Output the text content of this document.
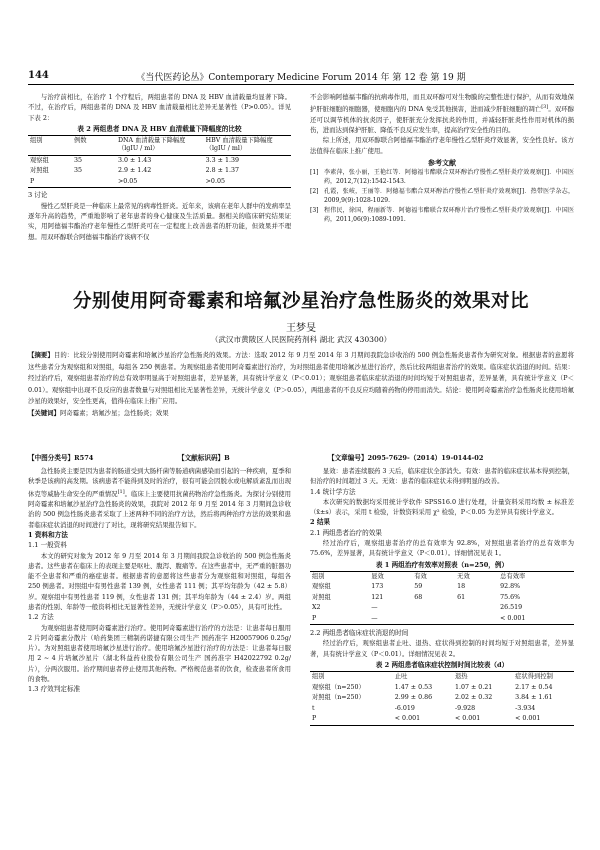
144	《当代医药论丛》Contemporary Medicine Forum 2014 年 第 12 卷 第 19 期

与治疗前相比，在治疗 1 个疗程后，两组患者的 DNA 及 HBV 血清载量均显著下降。不过，在治疗后，两组患者的 DNA 及 HBV 血清载量相比差异无显著性（P>0.05）。详见下表 2：

表 2 两组患者 DNA 及 HBV 血清载量下降幅度的比较
组别	例数	DNA 血清载量下降幅度（lgIU / ml）	HBV 血清载量下降幅度（lgIU / ml）
观察组	35	3.0 ± 1.43	3.3 ± 1.39
对照组	35	2.9 ± 1.42	2.8 ± 1.37
P		>0.05	>0.05
3 讨论

慢性乙型肝炎是一种临床上最常见的病毒性肝炎。近年来，该病在老年人群中的发病率呈逐年升高的趋势，严重地影响了老年患者的身心健康及生活质量。据相关的临床研究结果证实，用阿德福韦酯治疗老年慢性乙型肝炎可在一定程度上改善患者的肝功能，但效果并不理想。用双环醇联合阿德福韦酯治疗该病不仅

不会影响阿德福韦酯的抗病毒作用，而且双环醇可对生物膜的完整性进行保护，从而有效地保护肝脏细胞的细胞器，使细胞内的 DNA 免受其他损害，进而减少肝脏细胞的凋亡[3]。双环醇还可以调节机体的抗炎因子，使肝脏充分发挥抗炎的作用，并减轻肝脏炎性作用对机体的损伤，进而达到保护肝脏、降低不良反应发生率，提高治疗安全性的目的。

综上所述，用双环醇联合阿德福韦酯治疗老年慢性乙型肝炎疗效显著，安全性良好。该方法值得在临床上推广使用。

参考文献
[1] 李素萍，张小丽，王艳红等．阿德福韦酯联合双环醇治疗慢性乙型肝炎疗效观察[J]．中国医药，2012,7(12):1542-1543.
[2] 孔霞，张岐，王丽等．阿德福韦酯合双环醇治疗慢性乙型肝炎疗效观察[J]．热带医学杂志，2009,9(9):1028-1029.
[3] 程伟民，徐国，程丽新等．阿德福韦酯联合双环醇片治疗慢性乙型肝炎疗效观察[J]．中国医药，2011,06(9):1089-1091.
分别使用阿奇霉素和培氟沙星治疗急性肠炎的效果对比
王梦旻
（武汉市黄陂区人民医院药剂科 湖北 武汉 430300）

【摘要】目的：比较分别使用阿奇霉素和培氟沙星治疗急性肠炎的效果。方法：选取 2012 年 9 月至 2014 年 3 月期间我院急诊收治的 500 例急性肠炎患者作为研究对象。根据患者的意愿将这些患者分为观察组和对照组，每组各 250 例患者。为观察组患者使用阿奇霉素进行治疗，为对照组患者使用培氟沙星进行治疗，然后比较两组患者治疗的效果。临床症状消退的时间。结果：经过治疗后，观察组患者治疗的总有效率明显高于对照组患者，差异显著，具有统计学意义（P＜0.01）；观察组患者临床症状消退的时间均短于对照组患者，差异显著，具有统计学意义（P＜0.01）。观察组中出现不良反应的患者数量与对照组相比无显著性差异，无统计学意义（P＞0.05），两组患者的不良反应均随着药物的停用而消失。结论：使用阿奇霉素治疗急性肠炎比使用培氟沙星的效果好，安全性更高，值得在临床上推广应用。

【关键词】阿奇霉素；培氟沙星；急性肠炎；效果

【中图分类号】R574	【文献标识码】B	【文章编号】2095-7629-（2014）19-0144-02

急性肠炎主要是因为患者的肠道受到大肠杆菌等肠道病菌感染而引起的一种疾病，夏季和秋季是该病的高发期。该病患者不能得到及时的治疗，很有可能会因脱水或电解质紊乱而出现休克等威胁生命安全的严重情况[1]。临床上主要使用抗菌药物治疗急性肠炎。为探讨分别使用阿奇霉素和培氟沙星治疗急性肠炎的效果，我院对 2012 年 9 月至 2014 年 3 月期间急诊收治的 500 例急性肠炎患者采取了上述两种不同的治疗方法，然后将两种治疗方法的效果和患者临床症状消退的时间进行了对比，现将研究结果报告如下。

1 资料和方法
1.1 一般资料

本文的研究对象为 2012 年 9 月至 2014 年 3 月期间我院急诊收治的 500 例急性肠炎患者。这些患者在临床上的表现主要是呕吐、腹泻、腹痛等。在这些患者中，无严重的脏器功能不全患者和严重的癌症患者。根据患者的意愿将这些患者分为观察组和对照组，每组各 250 例患者。对照组中有男性患者 139 例，女性患者 111 例；其平均年龄为（42 ± 5.8）岁。观察组中有男性患者 119 例，女性患者 131 例；其平均年龄为（44 ± 2.4）岁。两组患者的性别、年龄等一般资料相比无显著性差异，无统计学意义（P＞0.05），具有可比性。

1.2 方法

为观察组患者使用阿奇霉素进行治疗。使用阿奇霉素进行治疗的方法是：让患者每日服用 2 片阿奇霉素分散片（哈药集团三精制药诺捷有限公司生产 国药准字 H20057906 0.25g/ 片）。为对照组患者使用培氟沙星进行治疗。使用培氟沙星进行治疗的方法是：让患者每日服用 2 ~ 4 片培氟沙星片（湖北科益药业股份有限公司生产 国药准字 H42022792 0.2g/ 片），分两次服用。治疗期间患者停止使用其他药物。严格规范患者的饮食，检查患者所食用的食物。

1.3 疗效判定标准

显效：患者连续服药 3 天后，临床症状全部消失。有效：患者的临床症状基本得到控制，但治疗的时间超过 3 天。无效：患者的临床症状未得到明显的改善。

1.4 统计学方法

本次研究的数据均采用统计学软件 SPSS16.0 进行处理，计量资料采用均数 ± 标准差（x̄±s）表示，采用 t 检验，计数资料采用 χ² 检验，P＜0.05 为差异具有统计学意义。

2 结果
2.1 两组患者治疗的效果

经过治疗后，观察组患者治疗的总有效率为 92.8%，对照组患者治疗的总有效率为 75.6%，差异显著，具有统计学意义（P＜0.01）。详细情况见表 1。

表 1 两组治疗有效率对照表（n=250，例）
组别	显效	有效	无效	总有效率
观察组	173	59	18	92.8%
对照组	121	68	61	75.6%
X2	—			26.519
P	—			< 0.001
2.2 两组患者临床症状消退的时间

经过治疗后，观察组患者止吐、退热、症状得到控制的时间均短于对照组患者，差异显著，具有统计学意义（P＜0.01）。详细情况见表 2。

表 2 两组患者临床症状控制时间比较表（d）
组别	止吐	退热	症状得到控制
观察组（n=250）	1.47 ± 0.53	1.07 ± 0.21	2.17 ± 0.54
对照组（n=250）	2.99 ± 0.86	2.02 ± 0.32	3.84 ± 1.61
t	-6.019	-9.928	-3.934
P	< 0.001	< 0.001	< 0.001
